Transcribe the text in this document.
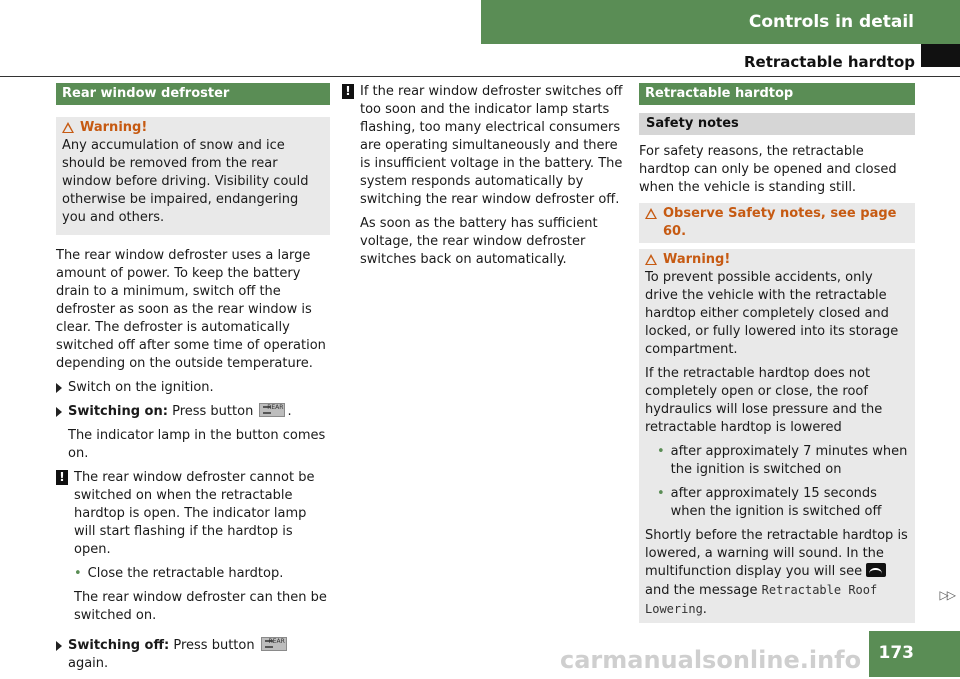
Controls in detail
Retractable hardtop
Rear window defroster
Warning!

Any accumulation of snow and ice should be removed from the rear window before driving. Visibility could otherwise be impaired, endangering you and others.

The rear window defroster uses a large amount of power. To keep the battery drain to a minimum, switch off the defroster as soon as the rear window is clear. The defroster is automatically switched off after some time of operation depending on the outside temperature.

Switch on the ignition.
Switching on: Press button REAR .

The indicator lamp in the button comes on.

! The rear window defroster cannot be switched on when the retractable hardtop is open. The indicator lamp will start flashing if the hardtop is open.

• Close the retractable hardtop.

The rear window defroster can then be switched on.

Switching off: Press button REAR
again.
! If the rear window defroster switches off too soon and the indicator lamp starts flashing, too many electrical consumers are operating simultaneously and there is insufficient voltage in the battery. The system responds automatically by switching the rear window defroster off.

As soon as the battery has sufficient voltage, the rear window defroster switches back on automatically.

Retractable hardtop
Safety notes

For safety reasons, the retractable hardtop can only be opened and closed when the vehicle is standing still.

Observe Safety notes, see page 60.
Warning!

To prevent possible accidents, only drive the vehicle with the retractable hardtop either completely closed and locked, or fully lowered into its storage compartment.

If the retractable hardtop does not completely open or close, the roof hydraulics will lose pressure and the retractable hardtop is lowered

• after approximately 7 minutes when the ignition is switched on
• after approximately 15 seconds when the ignition is switched off

Shortly before the retractable hardtop is lowered, a warning will sound. In the multifunction display you will see  and the message Retractable Roof Lowering.

▷▷
carmanualsonline.info	173
